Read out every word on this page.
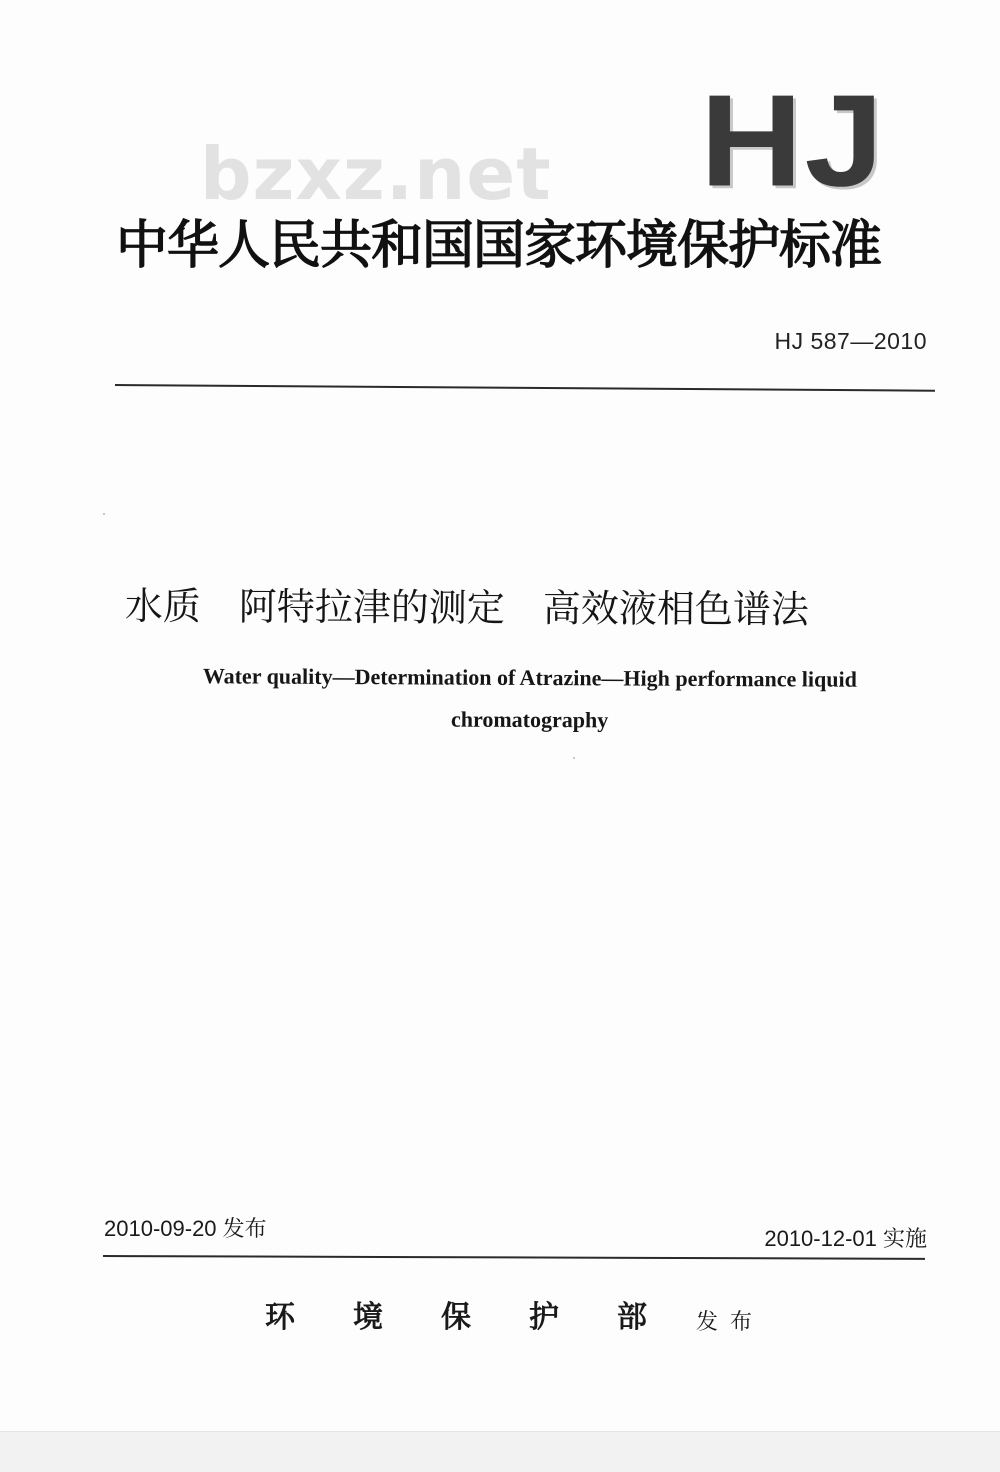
bzxz.net HJ
中华人民共和国国家环境保护标准
HJ 587—2010
水质　阿特拉津的测定　高效液相色谱法
Water quality—Determination of Atrazine—High performance liquid chromatography
2010-09-20 发布	2010-12-01 实施
环境保护部
发布
